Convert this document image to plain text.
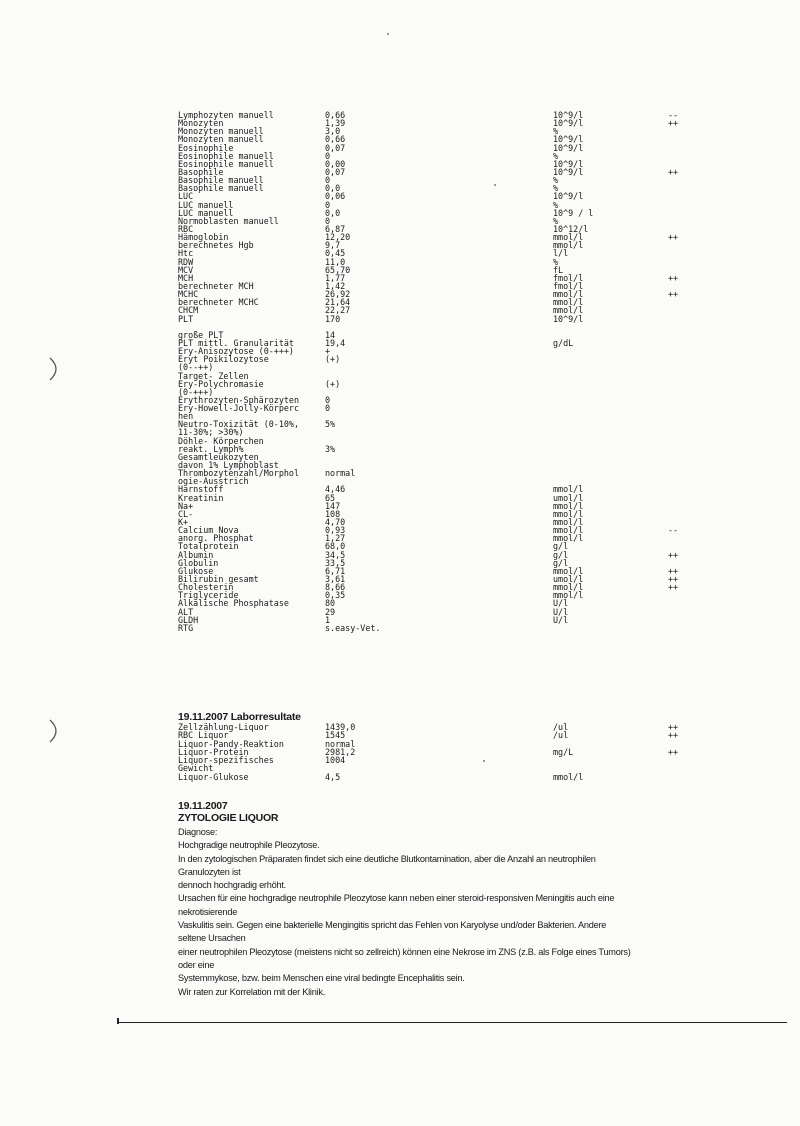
Lymphozyten manuell	0,66	10^9/l	--
Monozyten	1,39	10^9/l	++
Monozyten manuell	3,0	%
Monozyten manuell	0,66	10^9/l
Eosinophile	0,07	10^9/l
Eosinophile manuell	0	%
Eosinophile manuell	0,00	10^9/l
Basophile	0,07	10^9/l	++
Basophile manuell	0	%
Basophile manuell	0,0	%
LUC	0,06	10^9/l
LUC manuell	0	%
LUC manuell	0,0	10^9 / l
Normoblasten manuell	0	%
RBC	6,87	10^12/l
Hämoglobin	12,20	mmol/l	++
berechnetes Hgb	9,7	mmol/l
Htc	0,45	l/l
RDW	11,0	%
MCV	65,70	fL
MCH	1,77	fmol/l	++
berechneter MCH	1,42	fmol/l
MCHC	26,92	mmol/l	++
berechneter MCHC	21,64	mmol/l
CHCM	22,27	mmol/l
PLT	170	10^9/l
große PLT	14
PLT mittl. Granularität	19,4	g/dL
Ery-Anisozytose (0-+++)	+
Eryt Poikilozytose	(+)
(0--++)
Target- Zellen
Ery-Polychromasie	(+)
(0-+++)
Erythrozyten-Sphärozyten	0
Ery-Howell-Jolly-Körperc	0
hen
Neutro-Toxizität (0-10%,	5%
11-30%; >30%)
Döhle- Körperchen
reakt. Lymph%	3%
Gesamtleukozyten
davon 1% Lymphoblast
Thrombozytenzahl/Morphol	normal
ogie-Ausstrich
Harnstoff	4,46	mmol/l
Kreatinin	65	umol/l
Na+	147	mmol/l
CL-	108	mmol/l
K+	4,70	mmol/l
Calcium Nova	0,93	mmol/l	--
anorg. Phosphat	1,27	mmol/l
Totalprotein	68,0	g/l
Albumin	34,5	g/l	++
Globulin	33,5	g/l
Glukose	6,71	mmol/l	++
Bilirubin gesamt	3,61	umol/l	++
Cholesterin	8,66	mmol/l	++
Triglyceride	0,35	mmol/l
Alkalische Phosphatase	80	U/l
ALT	29	U/l
GLDH	1	U/l
RTG	s.easy-Vet.
19.11.2007 Laborresultate
Zellzählung-Liquor	1439,0	/ul	++
RBC Liquor	1545	/ul	++
Liquor-Pandy-Reaktion	normal
Liquor-Protein	2981,2	mg/L	++
Liquor-spezifisches	1004
Gewicht
Liquor-Glukose	4,5	mmol/l
19.11.2007
ZYTOLOGIE LIQUOR
Diagnose:
Hochgradige neutrophile Pleozytose.
In den zytologischen Präparaten findet sich eine deutliche Blutkontamination, aber die Anzahl an neutrophilen
Granulozyten ist
dennoch hochgradig erhöht.
Ursachen für eine hochgradige neutrophile Pleozytose kann neben einer steroid-responsiven Meningitis auch eine
nekrotisierende
Vaskulitis sein. Gegen eine bakterielle Mengingitis spricht das Fehlen von Karyolyse und/oder Bakterien. Andere
seltene Ursachen
einer neutrophilen Pleozytose (meistens nicht so zellreich) können eine Nekrose im ZNS (z.B. als Folge eines Tumors)
oder eine
Systemmykose, bzw. beim Menschen eine viral bedingte Encephalitis sein.
Wir raten zur Korrelation mit der Klinik.
